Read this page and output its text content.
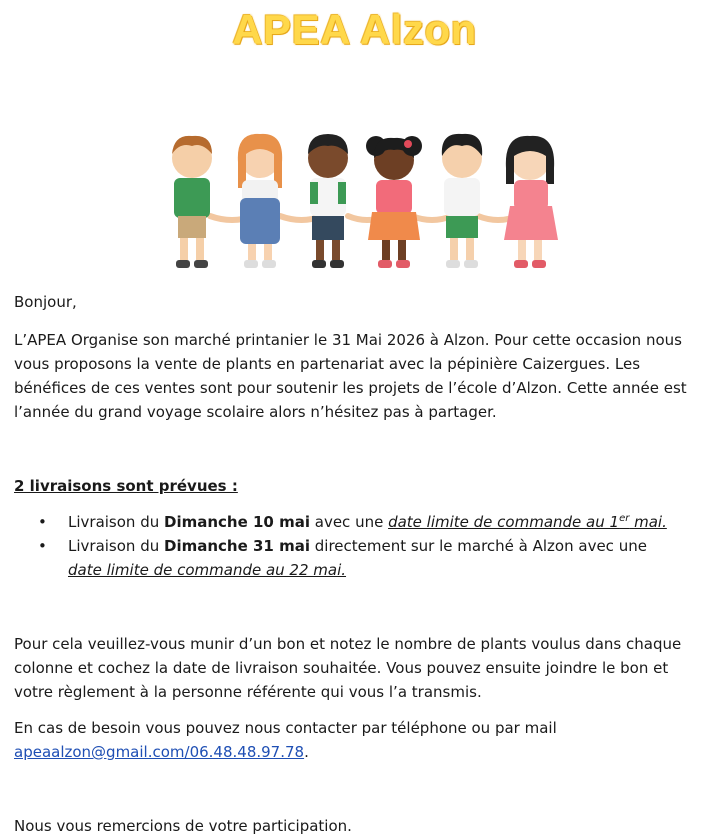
APEA Alzon
Bonjour,
L’APEA Organise son marché printanier le 31 Mai 2026 à Alzon. Pour cette occasion nous vous proposons la vente de plants en partenariat avec la pépinière Caizergues. Les bénéfices de ces ventes sont pour soutenir les projets de l’école d’Alzon. Cette année est l’année du grand voyage scolaire alors n’hésitez pas à partager.
2 livraisons sont prévues :
• Livraison du Dimanche 10 mai avec une date limite de commande au 1er mai.
• Livraison du Dimanche 31 mai directement sur le marché à Alzon avec une date limite de commande au 22 mai.
Pour cela veuillez-vous munir d’un bon et notez le nombre de plants voulus dans chaque colonne et cochez la date de livraison souhaitée. Vous pouvez ensuite joindre le bon et votre règlement à la personne référente qui vous l’a transmis.
En cas de besoin vous pouvez nous contacter par téléphone ou par mail
apeaalzon@gmail.com/06.48.48.97.78.
Nous vous remercions de votre participation.
